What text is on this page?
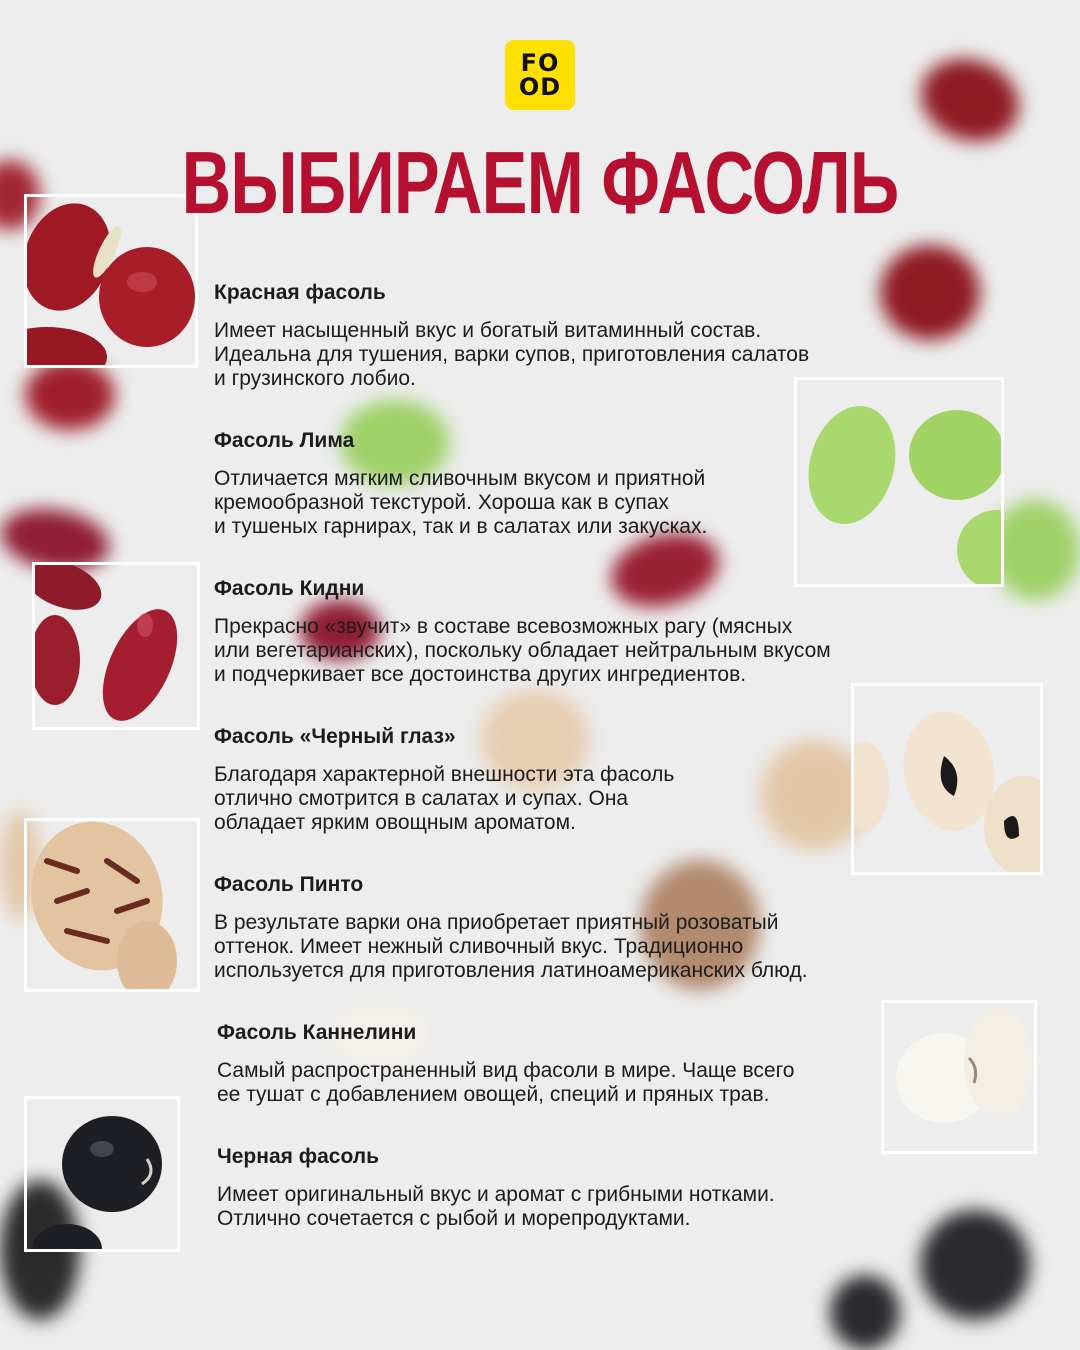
FO
OD
ВЫБИРАЕМ ФАСОЛЬ
Красная фасоль
Имеет насыщенный вкус и богатый витаминный состав.
Идеальна для тушения, варки супов, приготовления салатов
и грузинского лобио.
Фасоль Лима
Отличается мягким сливочным вкусом и приятной
кремообразной текстурой. Хороша как в супах
и тушеных гарнирах, так и в салатах или закусках.
Фасоль Кидни
Прекрасно «звучит» в составе всевозможных рагу (мясных
или вегетарианских), поскольку обладает нейтральным вкусом
и подчеркивает все достоинства других ингредиентов.
Фасоль «Черный глаз»
Благодаря характерной внешности эта фасоль
отлично смотрится в салатах и супах. Она
обладает ярким овощным ароматом.
Фасоль Пинто
В результате варки она приобретает приятный розоватый
оттенок. Имеет нежный сливочный вкус. Традиционно
используется для приготовления латиноамериканских блюд.
Фасоль Каннелини
Самый распространенный вид фасоли в мире. Чаще всего
ее тушат с добавлением овощей, специй и пряных трав.
Черная фасоль
Имеет оригинальный вкус и аромат с грибными нотками.
Отлично сочетается с рыбой и морепродуктами.
